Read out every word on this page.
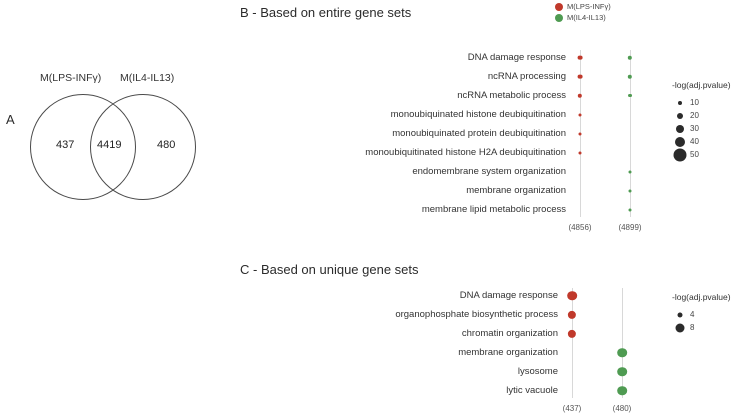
A
M(LPS-INFγ) M(IL4-IL13)
437 4419	480
B - Based on entire gene sets	M(LPS-INFγ)
M(IL4-IL13)
DNA damage response
ncRNA processing
ncRNA metabolic process
monoubiquinated histone deubiquitination
monoubiquinated protein deubiquitination
monoubiquitinated histone H2A deubiquitination
endomembrane system organization
membrane organization
membrane lipid metabolic process
(4856)	(4899)
-log(adj.pvalue)
10
20
30
40
50
C - Based on unique gene sets
DNA damage response
organophosphate biosynthetic process
chromatin organization
membrane organization
lysosome
lytic vacuole
(437)	(480)
-log(adj.pvalue)
4
8
